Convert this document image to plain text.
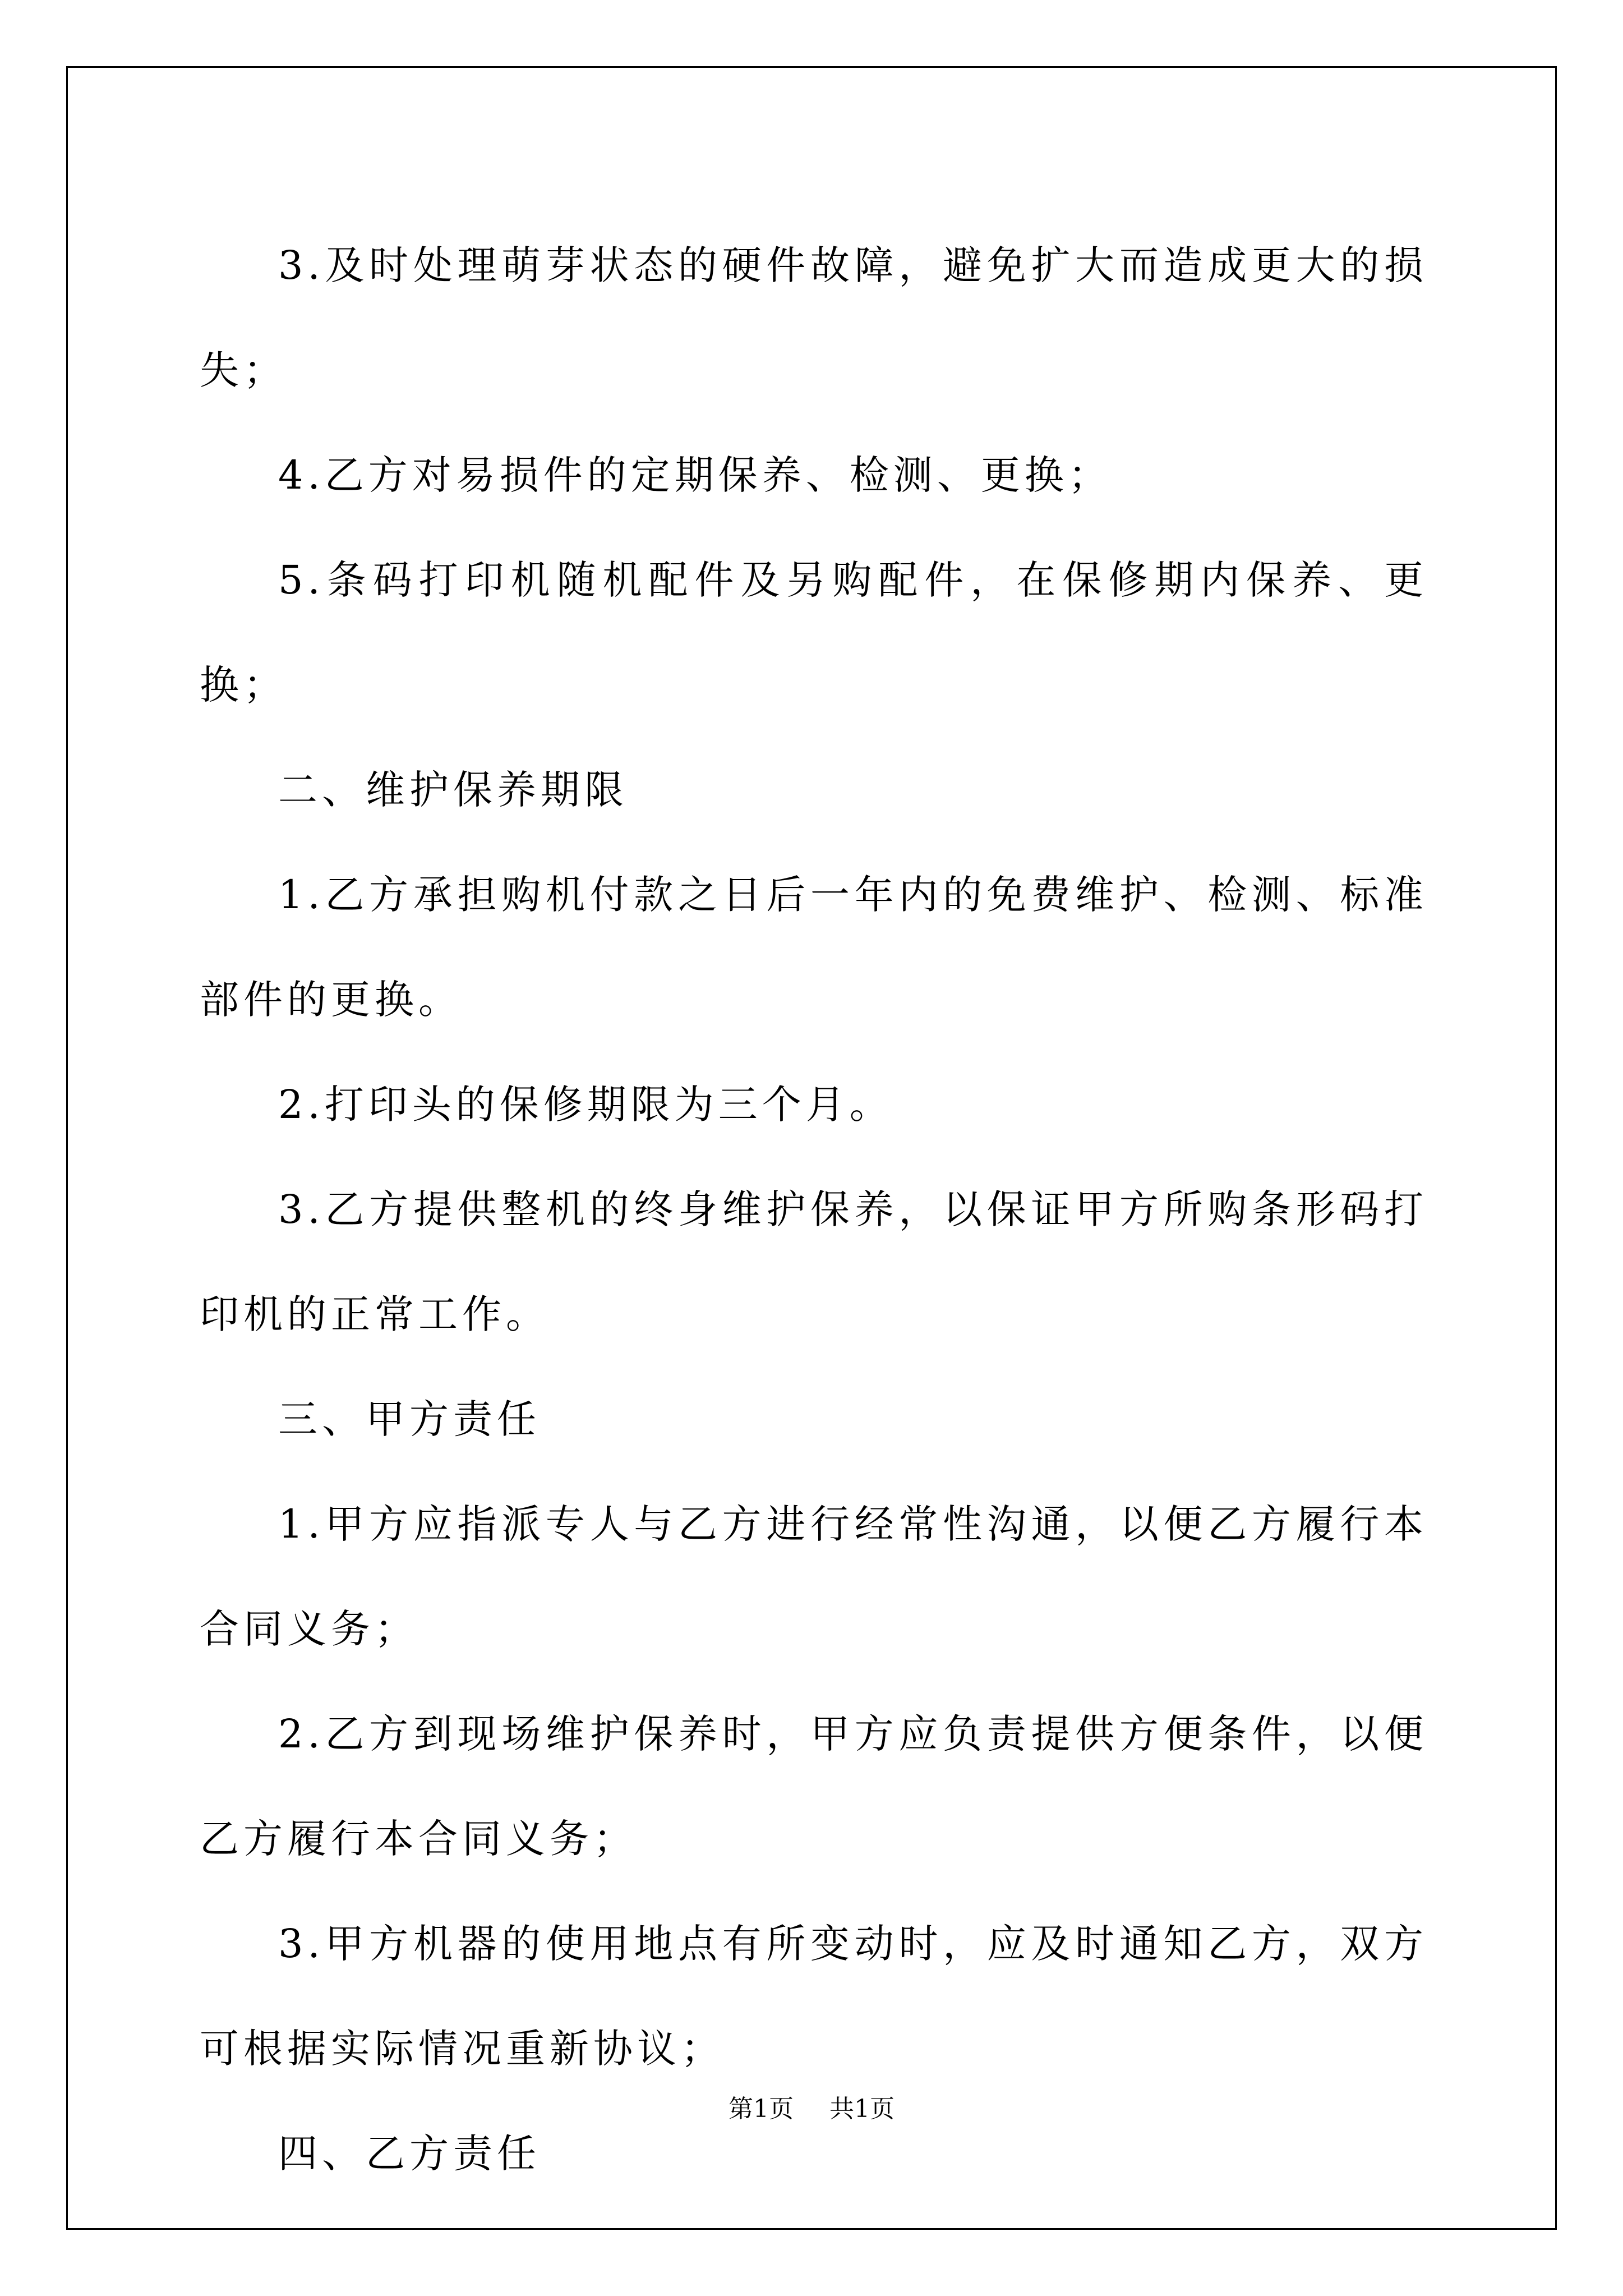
3.及时处理萌芽状态的硬件故障，避免扩大而造成更大的损失；

4.乙方对易损件的定期保养、检测、更换；

5.条码打印机随机配件及另购配件，在保修期内保养、更换；

二、维护保养期限

1.乙方承担购机付款之日后一年内的免费维护、检测、标准部件的更换。

2.打印头的保修期限为三个月。

3.乙方提供整机的终身维护保养，以保证甲方所购条形码打印机的正常工作。

三、甲方责任

1.甲方应指派专人与乙方进行经常性沟通，以便乙方履行本合同义务；

2.乙方到现场维护保养时，甲方应负责提供方便条件，以便乙方履行本合同义务；

3.甲方机器的使用地点有所变动时，应及时通知乙方，双方可根据实际情况重新协议；

四、乙方责任

第1页 共1页
